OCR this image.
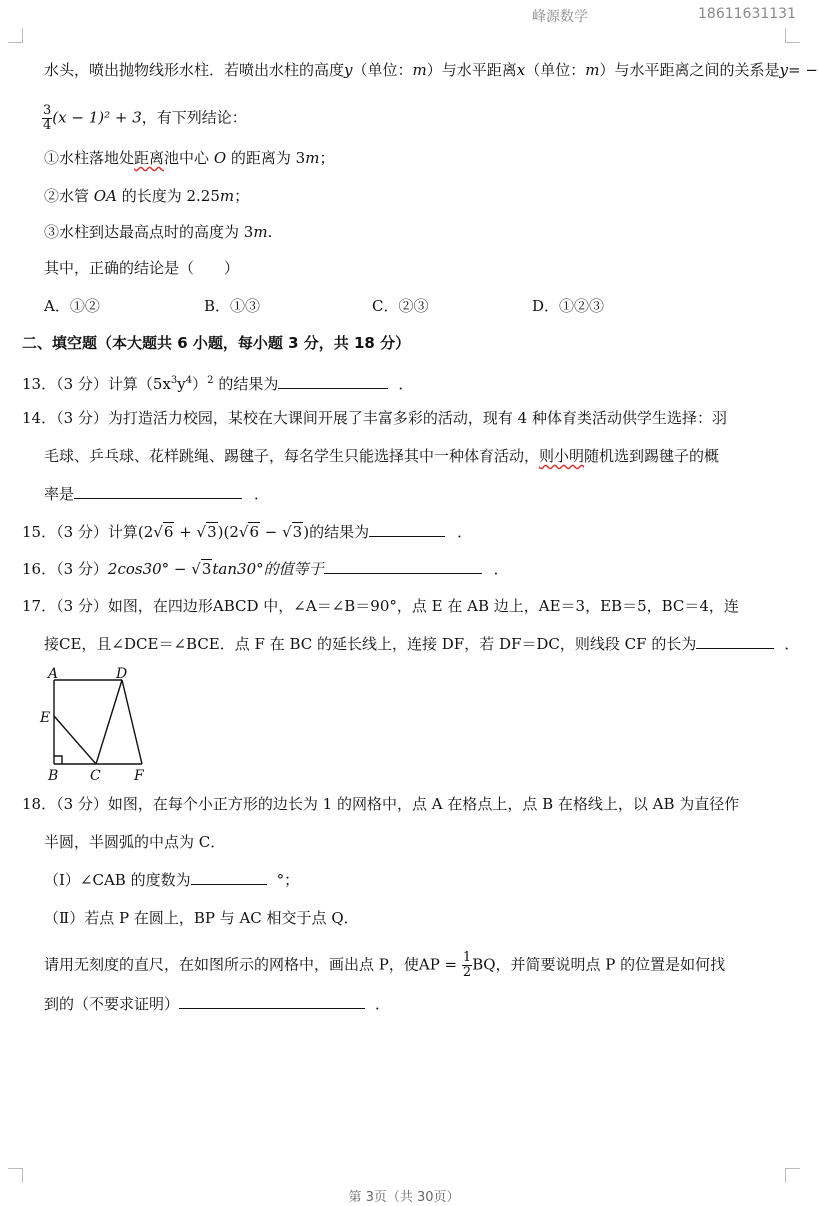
峰源数学	18611631131
水头，喷出抛物线形水柱．若喷出水柱的高度y（单位：m）与水平距离x（单位：m）与水平距离之间的关系是y= −
$\frac{3}{4} (x - 1)^2 + 3$，有下列结论：
①水柱落地处距离池中心 O 的距离为 3m；
②水管 OA 的长度为 2.25m；
③水柱到达最高点时的高度为 3m.
其中，正确的结论是（　　）
A．①②	B．①③	C．②③	D．①②③
二、填空题（本大题共 6 小题，每小题 3 分，共 18 分）
13．（3 分）计算$(5x^3y^4)^2$ 的结果为	．
14．（3 分）为打造活力校园，某校在大课间开展了丰富多彩的活动，现有 4 种体育类活动供学生选择：羽
毛球、乒乓球、花样跳绳、踢毽子，每名学生只能选择其中一种体育活动，则小明随机选到踢毽子的概
率是	．
15．（3 分）计算(2√6 + √3)(2√6 − √3)的结果为	．
16．（3 分）2cos30° − √3tan30°的值等于	．
17．（3 分）如图，在四边形ABCD 中，∠A＝∠B＝90°，点 E 在 AB 边上，AE＝3，EB＝5，BC＝4，连
接CE，且∠DCE＝∠BCE．点 F 在 BC 的延长线上，连接 DF，若 DF＝DC，则线段 CF 的长为	．
A	D
E
B C F
18．（3 分）如图，在每个小正方形的边长为 1 的网格中，点 A 在格点上，点 B 在格线上，以 AB 为直径作
半圆，半圆弧的中点为 C．
（Ⅰ）∠CAB 的度数为	°；
（Ⅱ）若点 P 在圆上，BP 与 AC 相交于点 Q．
请用无刻度的直尺，在如图所示的网格中，画出点 P，使AP = $\frac{1}{2}$ BQ，并简要说明点 P 的位置是如何找
到的（不要求证明）	．
第 3页（共 30页）
